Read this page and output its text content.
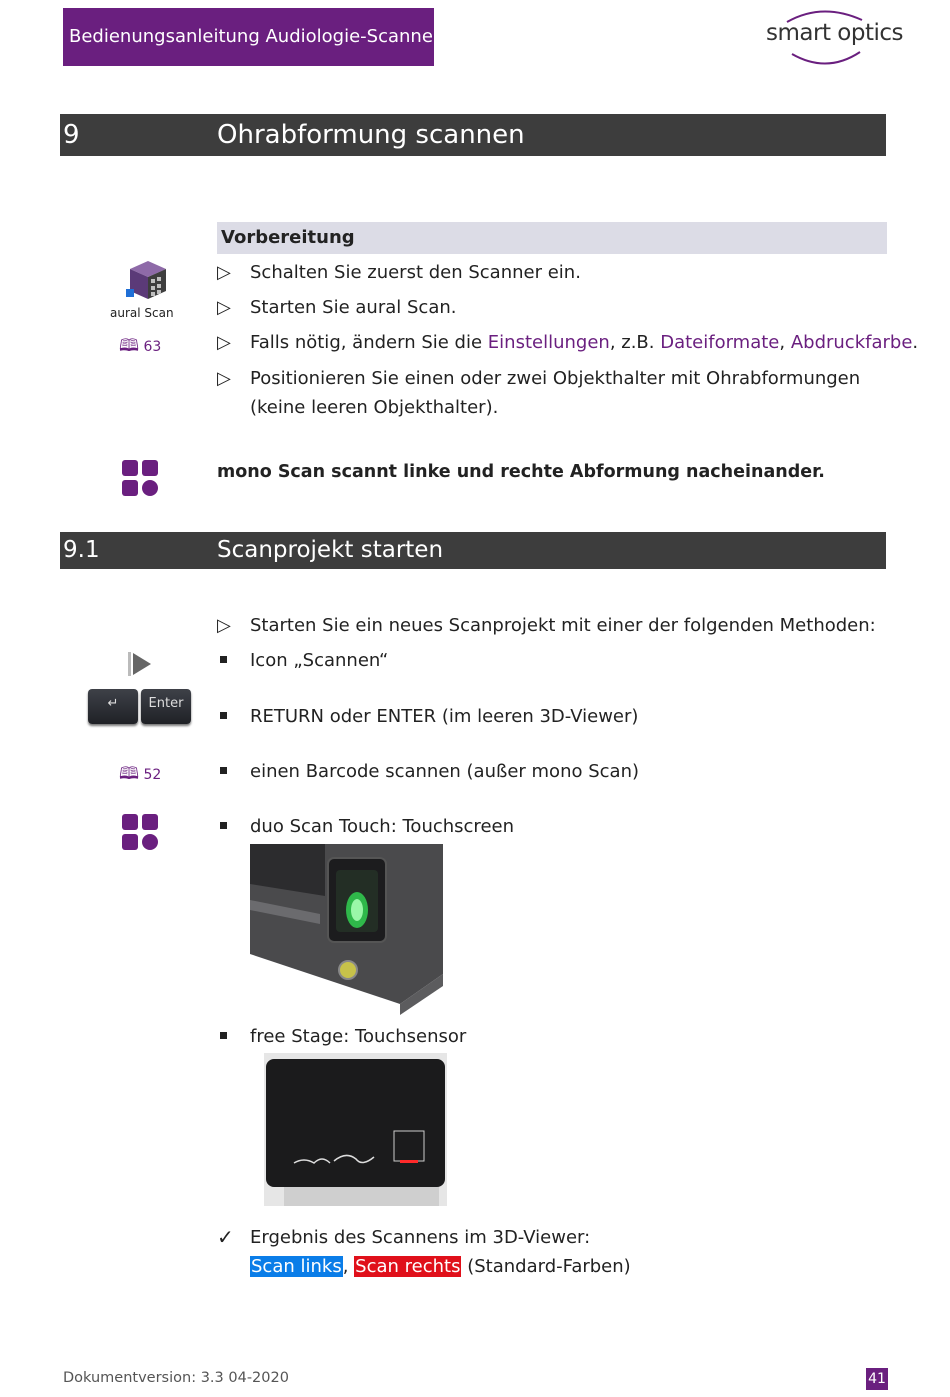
Bedienungsanleitung Audiologie-Scanner	smart optics
9	Ohrabformung scannen
Vorbereitung
aural Scan
🕮 63
▷	Schalten Sie zuerst den Scanner ein.
▷	Starten Sie aural Scan.
▷	Falls nötig, ändern Sie die Einstellungen, z.B. Dateiformate, Abdruckfarbe.
▷	Positionieren Sie einen oder zwei Objekthalter mit Ohrabformungen
(keine leeren Objekthalter).
mono Scan scannt linke und rechte Abformung nacheinander.
9.1	Scanprojekt starten
▷	Starten Sie ein neues Scanprojekt mit einer der folgenden Methoden:
Icon „Scannen“
↵	Enter
RETURN oder ENTER (im leeren 3D-Viewer)
🕮 52	einen Barcode scannen (außer mono Scan)
duo Scan Touch: Touchscreen
free Stage: Touchsensor
✓ Ergebnis des Scannens im 3D-Viewer:
Scan links, Scan rechts (Standard-Farben)
Dokumentversion: 3.3 04-2020	41
